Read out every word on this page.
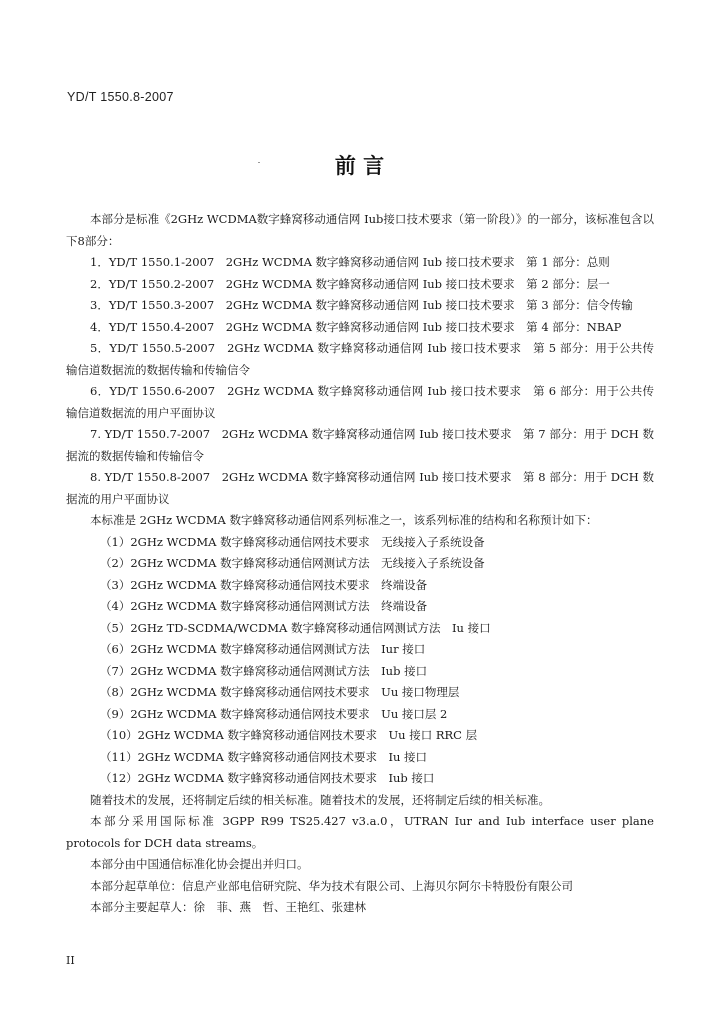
YD/T 1550.8-2007
前 言

本部分是标准《2GHz WCDMA数字蜂窝移动通信网 Iub接口技术要求（第一阶段）》的一部分，该标准包含以下8部分：

1．YD/T 1550.1-2007　2GHz WCDMA 数字蜂窝移动通信网 Iub 接口技术要求　第 1 部分：总则

2．YD/T 1550.2-2007　2GHz WCDMA 数字蜂窝移动通信网 Iub 接口技术要求　第 2 部分：层一

3．YD/T 1550.3-2007　2GHz WCDMA 数字蜂窝移动通信网 Iub 接口技术要求　第 3 部分：信令传输

4．YD/T 1550.4-2007　2GHz WCDMA 数字蜂窝移动通信网 Iub 接口技术要求　第 4 部分：NBAP

5．YD/T 1550.5-2007　2GHz WCDMA 数字蜂窝移动通信网 Iub 接口技术要求　第 5 部分：用于公共传输信道数据流的数据传输和传输信令

6．YD/T 1550.6-2007　2GHz WCDMA 数字蜂窝移动通信网 Iub 接口技术要求　第 6 部分：用于公共传输信道数据流的用户平面协议

7. YD/T 1550.7-2007　2GHz WCDMA 数字蜂窝移动通信网 Iub 接口技术要求　第 7 部分：用于 DCH 数据流的数据传输和传输信令

8. YD/T 1550.8-2007　2GHz WCDMA 数字蜂窝移动通信网 Iub 接口技术要求　第 8 部分：用于 DCH 数据流的用户平面协议

本标准是 2GHz WCDMA 数字蜂窝移动通信网系列标准之一，该系列标准的结构和名称预计如下：

（1）2GHz WCDMA 数字蜂窝移动通信网技术要求　无线接入子系统设备

（2）2GHz WCDMA 数字蜂窝移动通信网测试方法　无线接入子系统设备

（3）2GHz WCDMA 数字蜂窝移动通信网技术要求　终端设备

（4）2GHz WCDMA 数字蜂窝移动通信网测试方法　终端设备

（5）2GHz TD-SCDMA/WCDMA 数字蜂窝移动通信网测试方法　Iu 接口

（6）2GHz WCDMA 数字蜂窝移动通信网测试方法　Iur 接口

（7）2GHz WCDMA 数字蜂窝移动通信网测试方法　Iub 接口

（8）2GHz WCDMA 数字蜂窝移动通信网技术要求　Uu 接口物理层

（9）2GHz WCDMA 数字蜂窝移动通信网技术要求　Uu 接口层 2

（10）2GHz WCDMA 数字蜂窝移动通信网技术要求　Uu 接口 RRC 层

（11）2GHz WCDMA 数字蜂窝移动通信网技术要求　Iu 接口

（12）2GHz WCDMA 数字蜂窝移动通信网技术要求　Iub 接口

随着技术的发展，还将制定后续的相关标准。随着技术的发展，还将制定后续的相关标准。

本部分采用国际标准 3GPP R99 TS25.427 v3.a.0，UTRAN Iur and Iub interface user plane protocols for DCH data streams。

本部分由中国通信标准化协会提出并归口。

本部分起草单位：信息产业部电信研究院、华为技术有限公司、上海贝尔阿尔卡特股份有限公司

本部分主要起草人：徐　菲、燕　哲、王艳红、张建林

II
